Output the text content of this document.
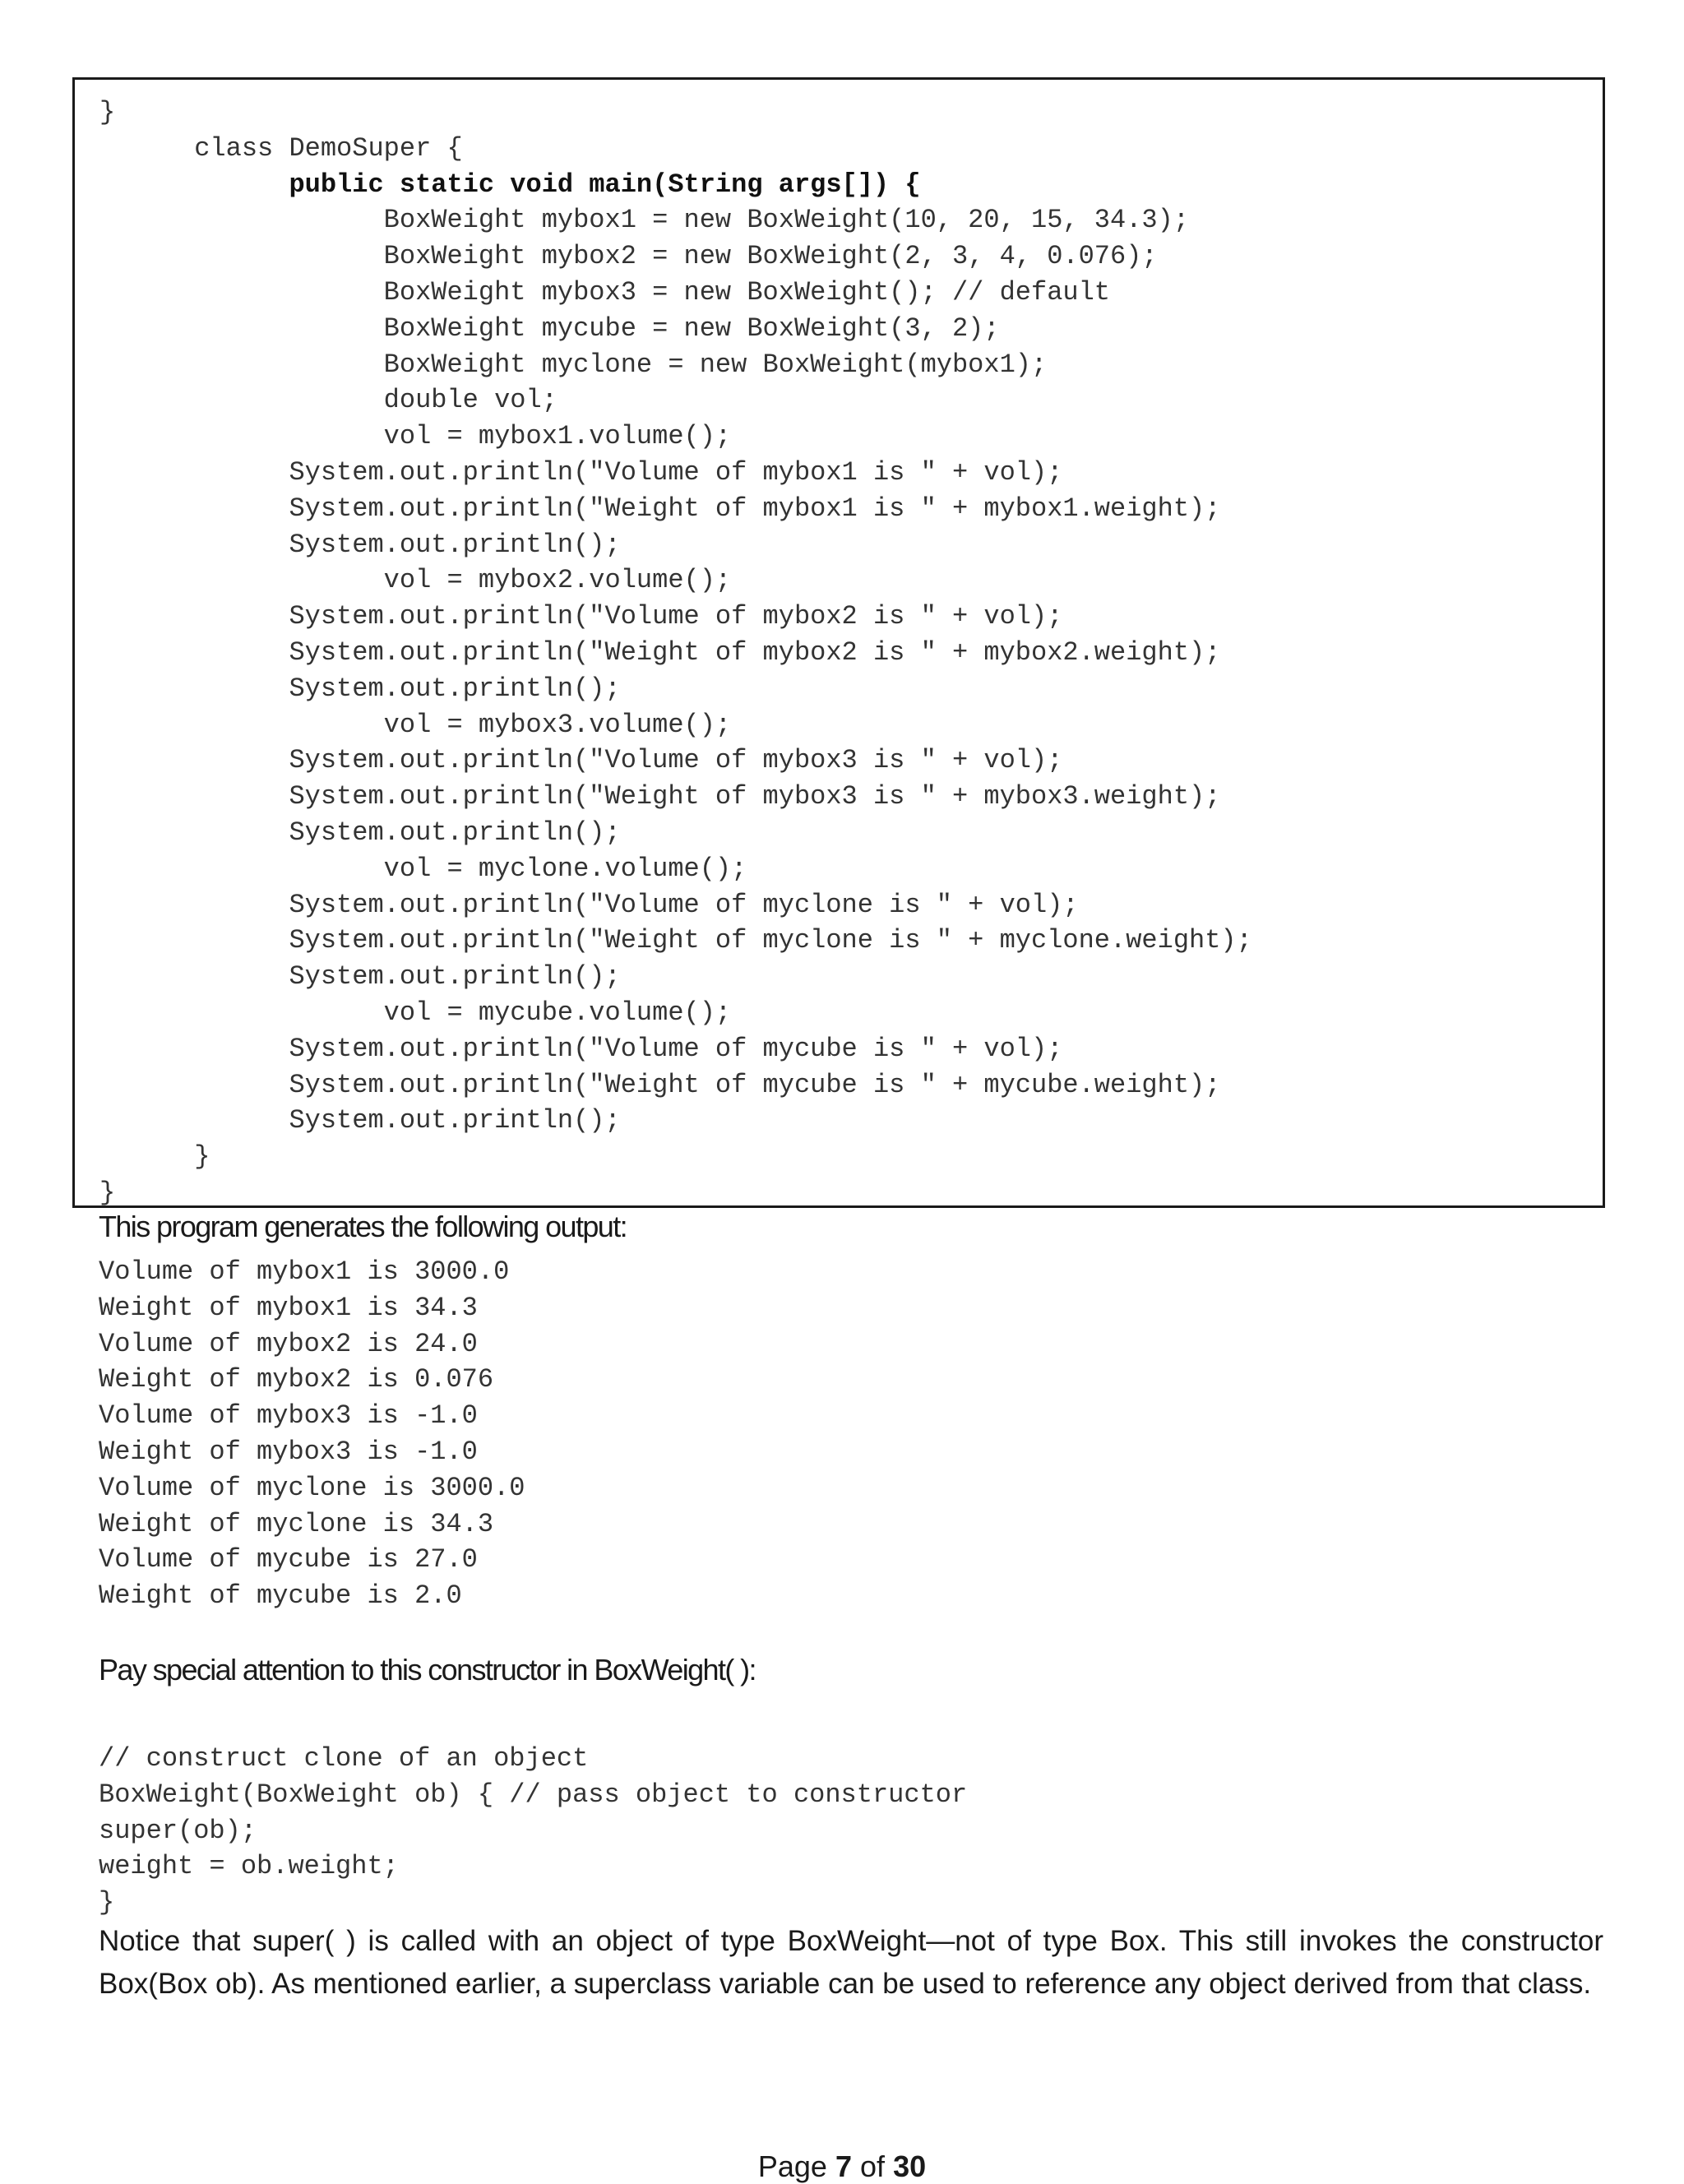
}
class DemoSuper {
public static void main(String args[]) {
BoxWeight mybox1 = new BoxWeight(10, 20, 15, 34.3);
BoxWeight mybox2 = new BoxWeight(2, 3, 4, 0.076);
BoxWeight mybox3 = new BoxWeight(); // default
BoxWeight mycube = new BoxWeight(3, 2);
BoxWeight myclone = new BoxWeight(mybox1);
double vol;
vol = mybox1.volume();
System.out.println("Volume of mybox1 is " + vol);
System.out.println("Weight of mybox1 is " + mybox1.weight);
System.out.println();
vol = mybox2.volume();
System.out.println("Volume of mybox2 is " + vol);
System.out.println("Weight of mybox2 is " + mybox2.weight);
System.out.println();
vol = mybox3.volume();
System.out.println("Volume of mybox3 is " + vol);
System.out.println("Weight of mybox3 is " + mybox3.weight);
System.out.println();
vol = myclone.volume();
System.out.println("Volume of myclone is " + vol);
System.out.println("Weight of myclone is " + myclone.weight);
System.out.println();
vol = mycube.volume();
System.out.println("Volume of mycube is " + vol);
System.out.println("Weight of mycube is " + mycube.weight);
System.out.println();
}
}
This program generates the following output:
Volume of mybox1 is 3000.0
Weight of mybox1 is 34.3
Volume of mybox2 is 24.0
Weight of mybox2 is 0.076
Volume of mybox3 is -1.0
Weight of mybox3 is -1.0
Volume of myclone is 3000.0
Weight of myclone is 34.3
Volume of mycube is 27.0
Weight of mycube is 2.0
Pay special attention to this constructor in BoxWeight( ):
// construct clone of an object
BoxWeight(BoxWeight ob) { // pass object to constructor
super(ob);
weight = ob.weight;
}
Notice that super( ) is called with an object of type BoxWeight—not of type Box. This still invokes the constructor Box(Box ob). As mentioned earlier, a superclass variable can be used to reference any object derived from that class.
Page 7 of 30
